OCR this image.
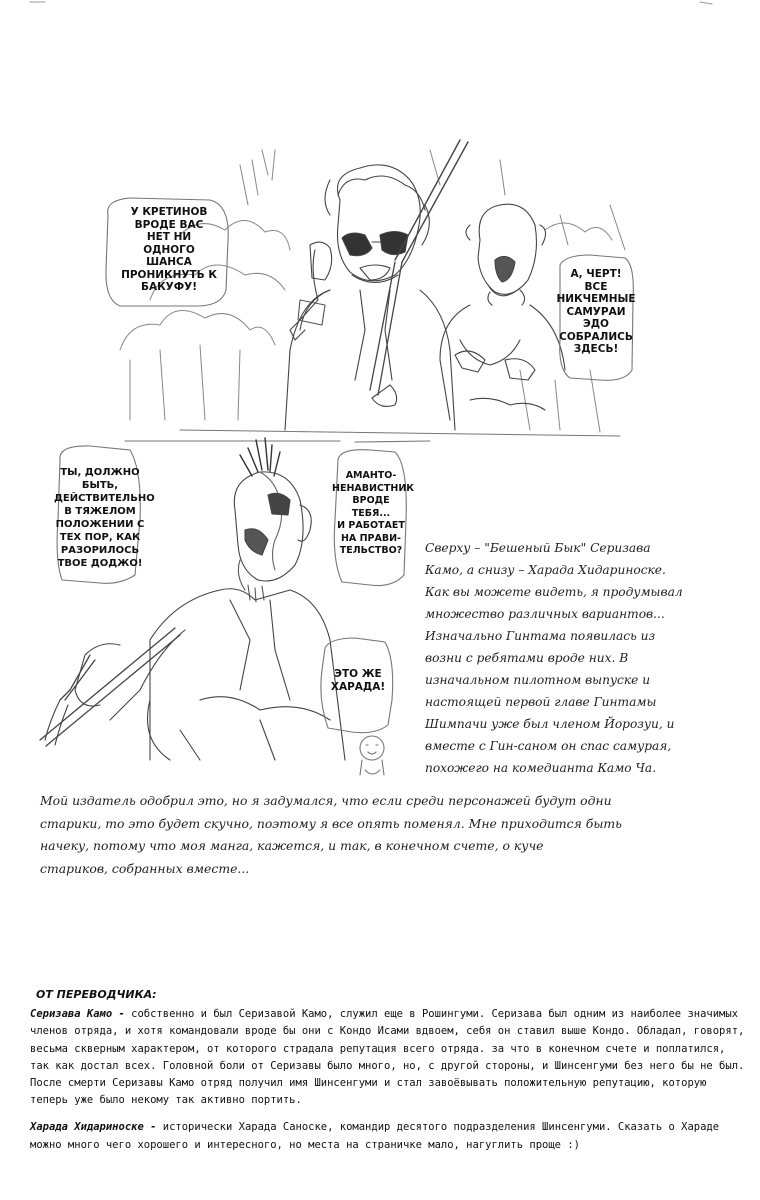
У КРЕТИНОВ
ВРОДЕ ВАС
НЕТ НИ
ОДНОГО
ШАНСА
ПРОНИКНУТЬ К
БАКУФУ!
А, ЧЕРТ!
ВСЕ
НИКЧЕМНЫЕ
САМУРАИ
ЭДО
СОБРАЛИСЬ
ЗДЕСЬ!
ТЫ, ДОЛЖНО
БЫТЬ,
ДЕЙСТВИТЕЛЬНО
В ТЯЖЕЛОМ
ПОЛОЖЕНИИ С
ТЕХ ПОР, КАК
РАЗОРИЛОСЬ
ТВОЕ ДОДЖО!
АМАНТО-
НЕНАВИСТНИК
ВРОДЕ
ТЕБЯ...
И РАБОТАЕТ
НА ПРАВИ-
ТЕЛЬСТВО?
ЭТО ЖЕ
ХАРАДА!
Сверху – "Бешеный Бык" Серизава
Камо, а снизу – Харада Хидариноске.
Как вы можете видеть, я продумывал
множество различных вариантов...
Изначально Гинтама появилась из
возни с ребятами вроде них. В
изначальном пилотном выпуске и
настоящей первой главе Гинтамы
Шимпачи уже был членом Йорозуи, и
вместе с Гин-саном он спас самурая,
похожего на комедианта Камо Ча.
Мой издатель одобрил это, но я задумался, что если среди персонажей будут одни
старики, то это будет скучно, поэтому я все опять поменял. Мне приходится быть
начеку, потому что моя манга, кажется, и так, в конечном счете, о куче
стариков, собранных вместе...
ОТ ПЕРЕВОДЧИКА:

Серизава Камо - собственно и был Серизавой Камо, служил еще в Рошингуми. Серизава был одним из наиболее значимых членов отряда, и хотя командовали вроде бы они с Кондо Исами вдвоем, себя он ставил выше Кондо. Обладал, говорят, весьма скверным характером, от которого страдала репутация всего отряда. за что в конечном счете и поплатился, так как достал всех. Головной боли от Серизавы было много, но, с другой стороны, и Шинсенгуми без него бы не был. После смерти Серизавы Камо отряд получил имя Шинсенгуми и стал завоёвывать положительную репутацию, которую теперь уже было некому так активно портить.

Харада Хидариноске - исторически Харада Саноске, командир десятого подразделения Шинсенгуми. Сказать о Хараде можно много чего хорошего и интересного, но места на страничке мало, нагуглить проще :)
